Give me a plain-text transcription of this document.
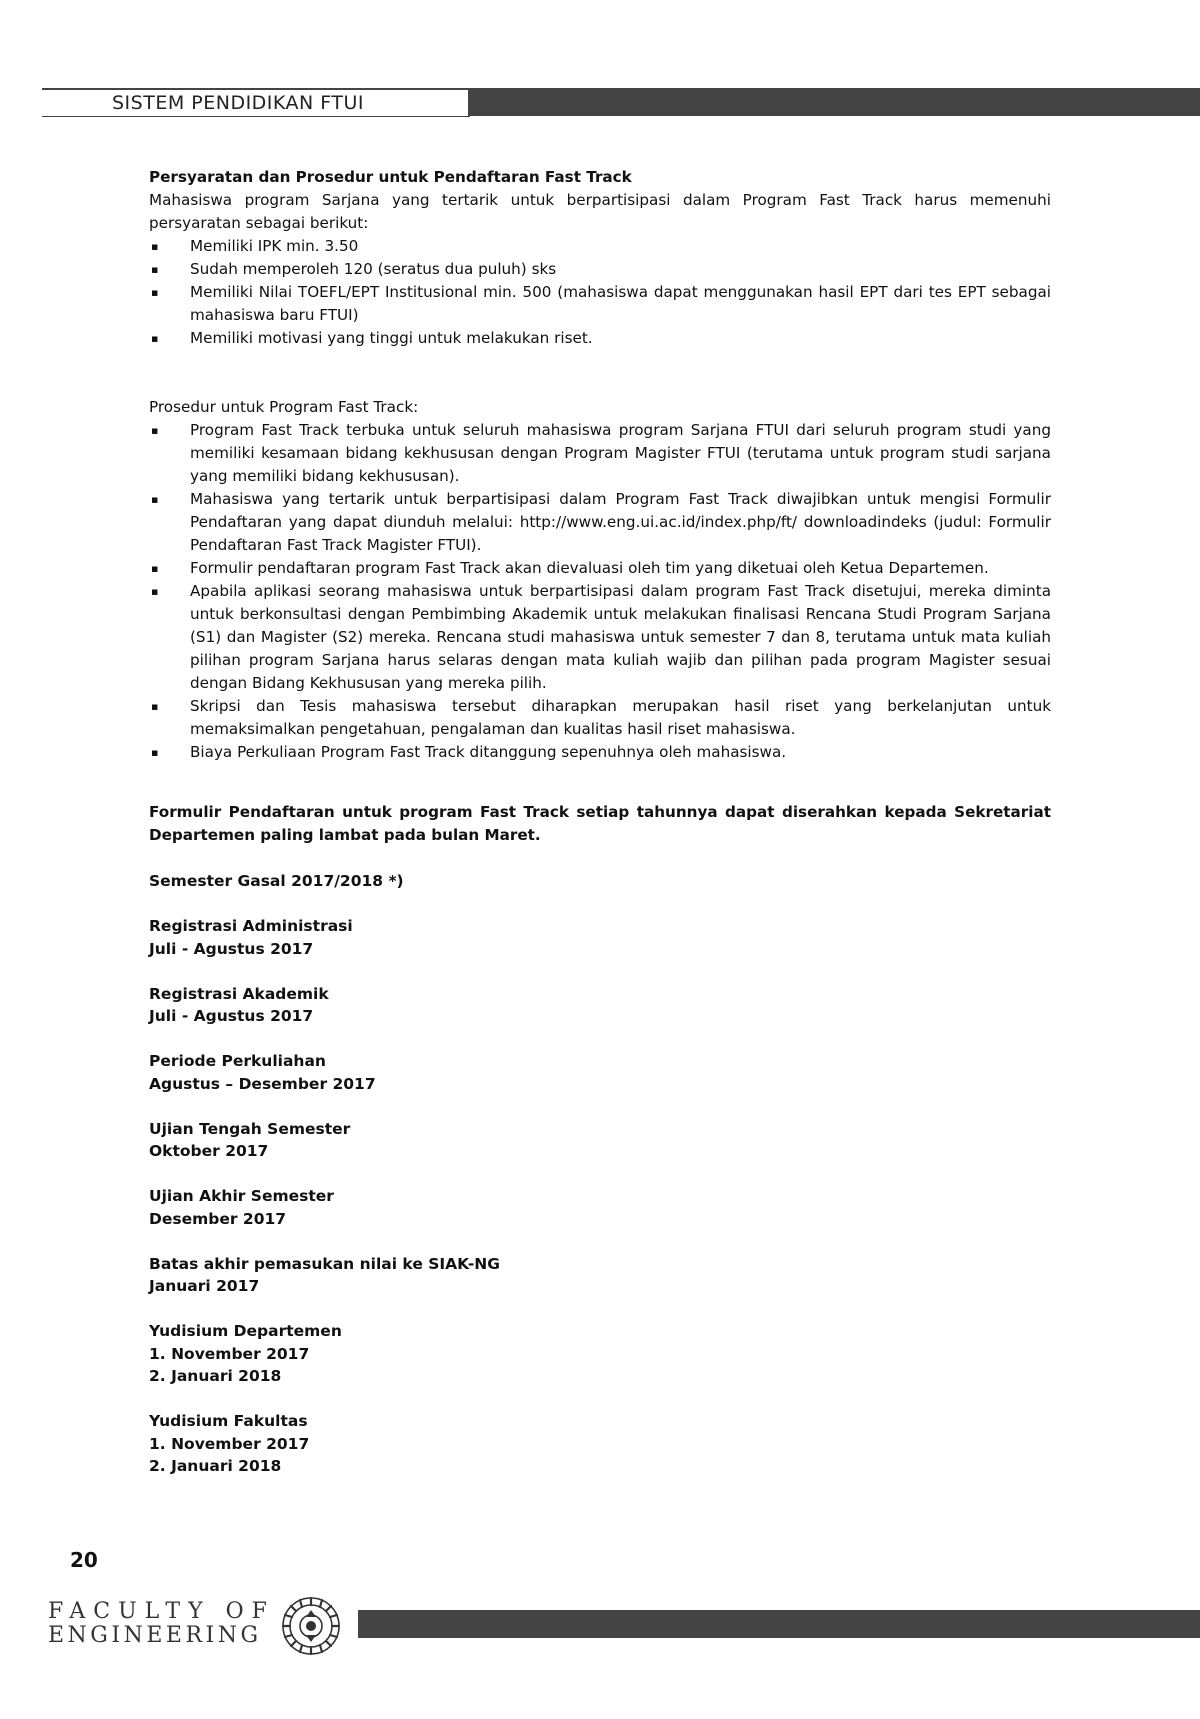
SISTEM PENDIDIKAN FTUI

Persyaratan dan Prosedur untuk Pendaftaran Fast Track

Mahasiswa program Sarjana yang tertarik untuk berpartisipasi dalam Program Fast Track harus memenuhi persyaratan sebagai berikut:

▪ Memiliki IPK min. 3.50
▪ Sudah memperoleh 120 (seratus dua puluh) sks
▪ Memiliki Nilai TOEFL/EPT Institusional min. 500 (mahasiswa dapat menggunakan hasil EPT dari tes EPT sebagai mahasiswa baru FTUI)
▪ Memiliki motivasi yang tinggi untuk melakukan riset.

Prosedur untuk Program Fast Track:

▪ Program Fast Track terbuka untuk seluruh mahasiswa program Sarjana FTUI dari seluruh program studi yang memiliki kesamaan bidang kekhususan dengan Program Magister FTUI (terutama untuk program studi sarjana yang memiliki bidang kekhususan).
▪ Mahasiswa yang tertarik untuk berpartisipasi dalam Program Fast Track diwajibkan untuk mengisi Formulir Pendaftaran yang dapat diunduh melalui: http://www.eng.ui.ac.id/index.php/ft/ downloadindeks (judul: Formulir Pendaftaran Fast Track Magister FTUI).
▪ Formulir pendaftaran program Fast Track akan dievaluasi oleh tim yang diketuai oleh Ketua Departemen.
▪ Apabila aplikasi seorang mahasiswa untuk berpartisipasi dalam program Fast Track disetujui, mereka diminta untuk berkonsultasi dengan Pembimbing Akademik untuk melakukan finalisasi Rencana Studi Program Sarjana (S1) dan Magister (S2) mereka. Rencana studi mahasiswa untuk semester 7 dan 8, terutama untuk mata kuliah pilihan program Sarjana harus selaras dengan mata kuliah wajib dan pilihan pada program Magister sesuai dengan Bidang Kekhususan yang mereka pilih.
▪ Skripsi dan Tesis mahasiswa tersebut diharapkan merupakan hasil riset yang berkelanjutan untuk memaksimalkan pengetahuan, pengalaman dan kualitas hasil riset mahasiswa.
▪ Biaya Perkuliaan Program Fast Track ditanggung sepenuhnya oleh mahasiswa.

Formulir Pendaftaran untuk program Fast Track setiap tahunnya dapat diserahkan kepada Sekretariat Departemen paling lambat pada bulan Maret.

Semester Gasal 2017/2018 *)
Registrasi Administrasi
Juli - Agustus 2017
Registrasi Akademik
Juli - Agustus 2017
Periode Perkuliahan
Agustus – Desember 2017
Ujian Tengah Semester
Oktober 2017
Ujian Akhir Semester
Desember 2017
Batas akhir pemasukan nilai ke SIAK-NG
Januari 2017
Yudisium Departemen
1. November 2017
2. Januari 2018
Yudisium Fakultas
1. November 2017
2. Januari 2018
20
FACULTY OF
ENGINEERING
